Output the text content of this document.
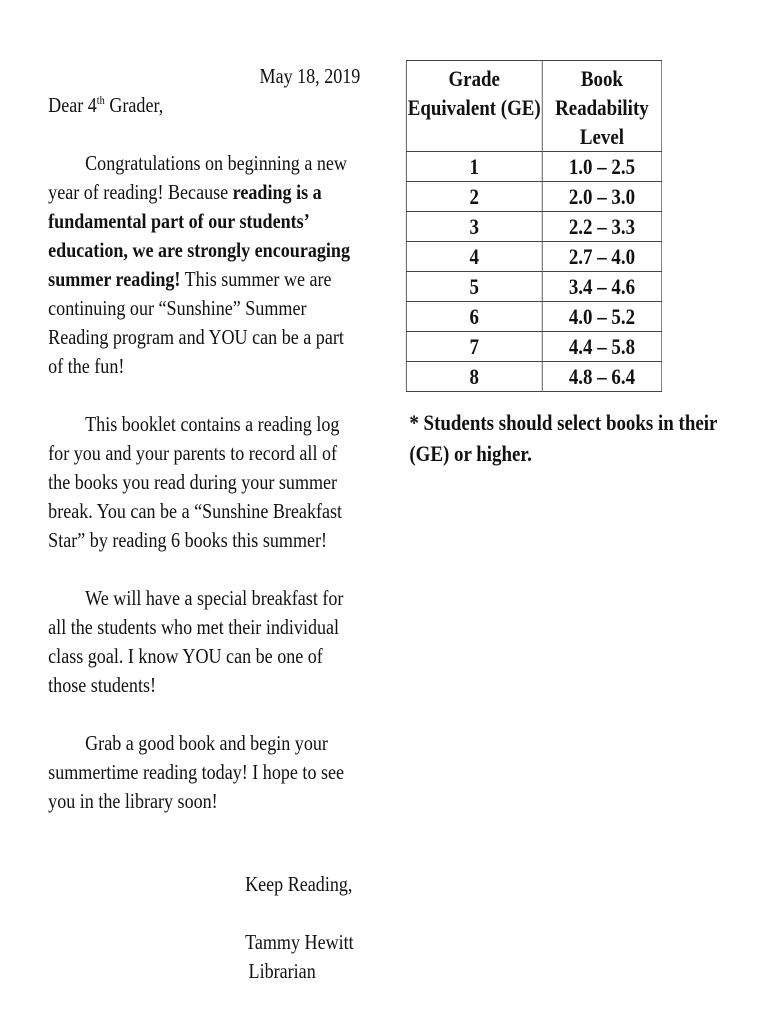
May 18, 2019

Dear 4th Grader,

Congratulations on beginning a new year of reading! Because reading is a fundamental part of our students’ education, we are strongly encouraging summer reading! This summer we are continuing our “Sunshine” Summer Reading program and YOU can be a part of the fun!

This booklet contains a reading log for you and your parents to record all of the books you read during your summer break. You can be a “Sunshine Breakfast Star” by reading 6 books this summer!

We will have a special breakfast for all the students who met their individual class goal. I know YOU can be one of those students!

Grab a good book and begin your summertime reading today! I hope to see you in the library soon!

Keep Reading,

Tammy Hewitt

Librarian

Grade Equivalent (GE)	Book Readability Level
1	1.0 – 2.5
2	2.0 – 3.0
3	2.2 – 3.3
4	2.7 – 4.0
5	3.4 – 4.6
6	4.0 – 5.2
7	4.4 – 5.8
8	4.8 – 6.4

* Students should select books in their (GE) or higher.
